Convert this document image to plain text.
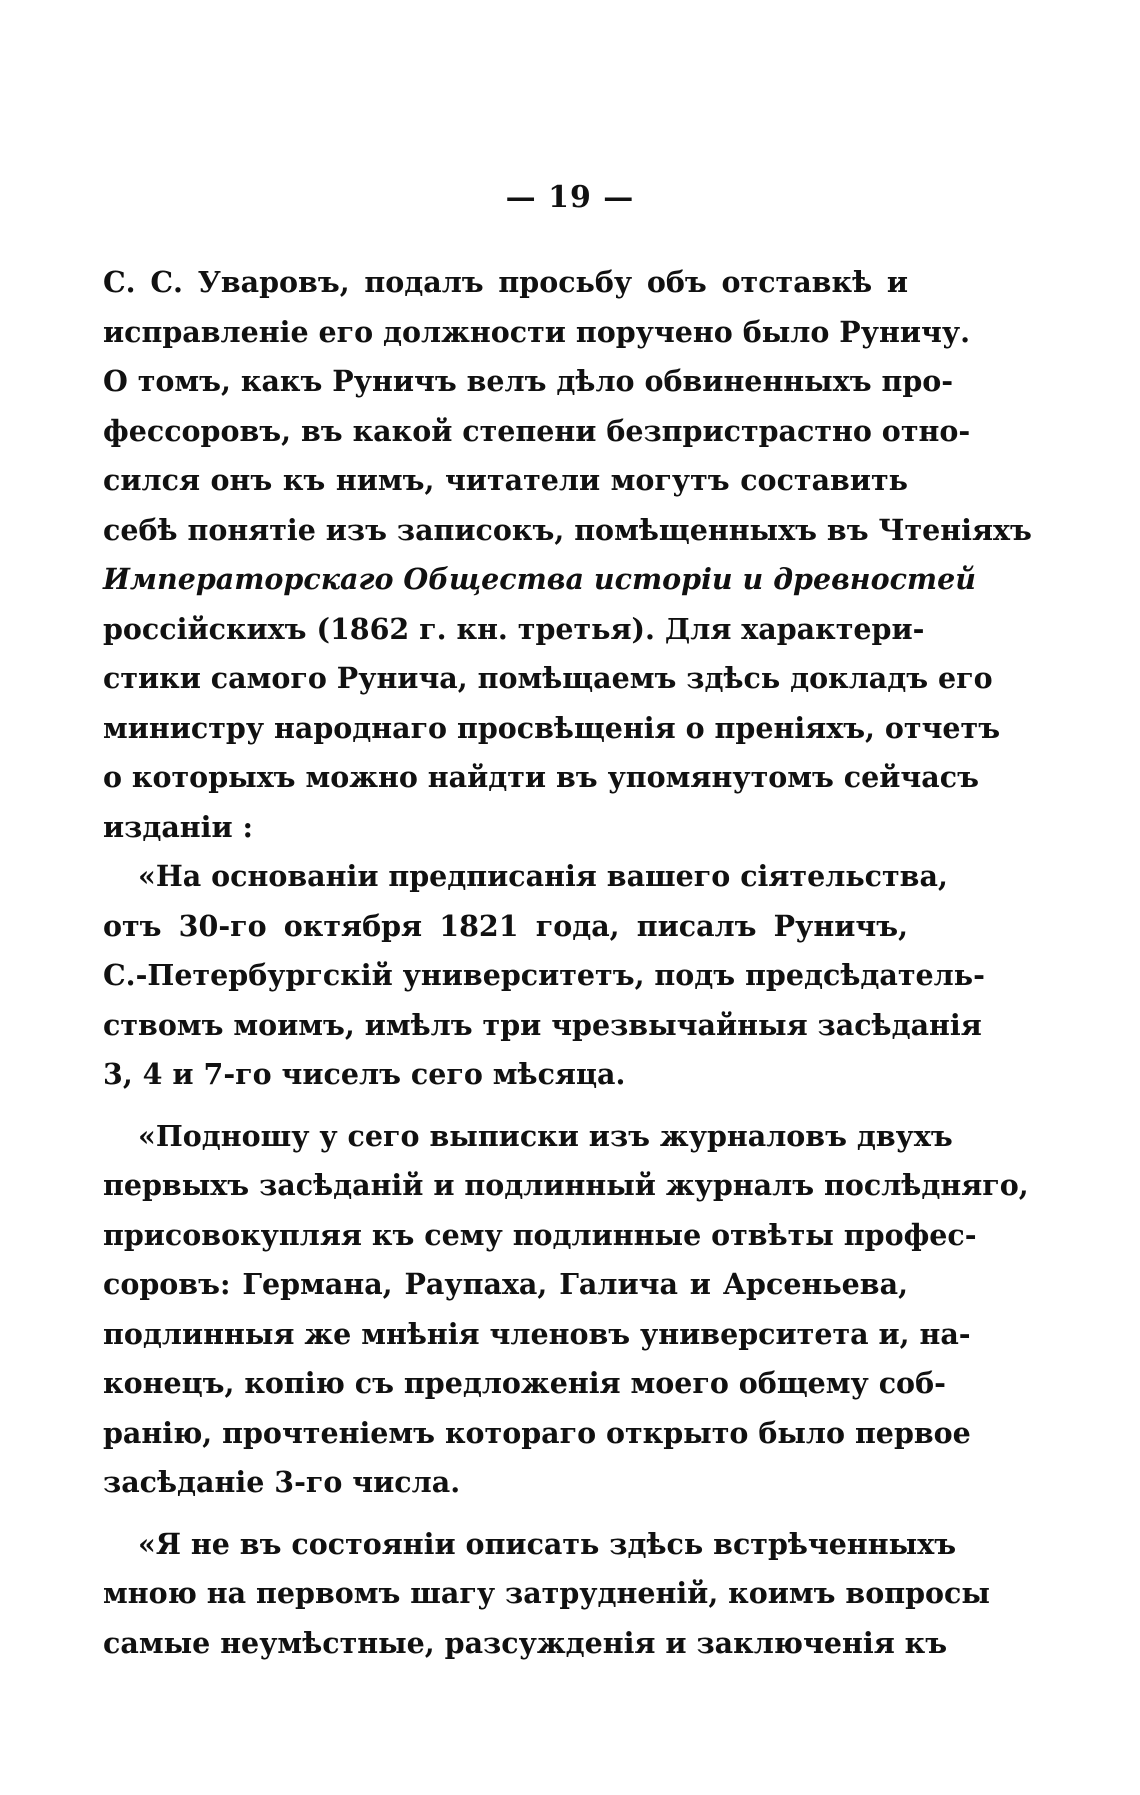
— 19 —
С. С. Уваровъ, подалъ просьбу объ отставкѣ и
исправленіе его должности поручено было Руничу.
О томъ, какъ Руничъ велъ дѣло обвиненныхъ про-
фессоровъ, въ какой степени безпристрастно отно-
сился онъ къ нимъ, читатели могутъ составить
себѣ понятіе изъ записокъ, помѣщенныхъ въ Чтеніяхъ
Императорскаго Общества исторіи и древностей
россійскихъ (1862 г. кн. третья). Для характери-
стики самого Рунича, помѣщаемъ здѣсь докладъ его
министру народнаго просвѣщенія о преніяхъ, отчетъ
о которыхъ можно найдти въ упомянутомъ сейчасъ
изданіи :
«На основаніи предписанія вашего сіятельства,
отъ 30-го октября 1821 года, писалъ Руничъ,
С.-Петербургскій университетъ, подъ предсѣдатель-
ствомъ моимъ, имѣлъ три чрезвычайныя засѣданія
3, 4 и 7-го чиселъ сего мѣсяца.
«Подношу у сего выписки изъ журналовъ двухъ
первыхъ засѣданій и подлинный журналъ послѣдняго,
присовокупляя къ сему подлинные отвѣты профес-
соровъ: Германа, Раупаха, Галича и Арсеньева,
подлинныя же мнѣнія членовъ университета и, на-
конецъ, копію съ предложенія моего общему соб-
ранію, прочтеніемъ котораго открыто было первое
засѣданіе 3-го числа.
«Я не въ состояніи описать здѣсь встрѣченныхъ
мною на первомъ шагу затрудненій, коимъ вопросы
самые неумѣстные, разсужденія и заключенія къ
